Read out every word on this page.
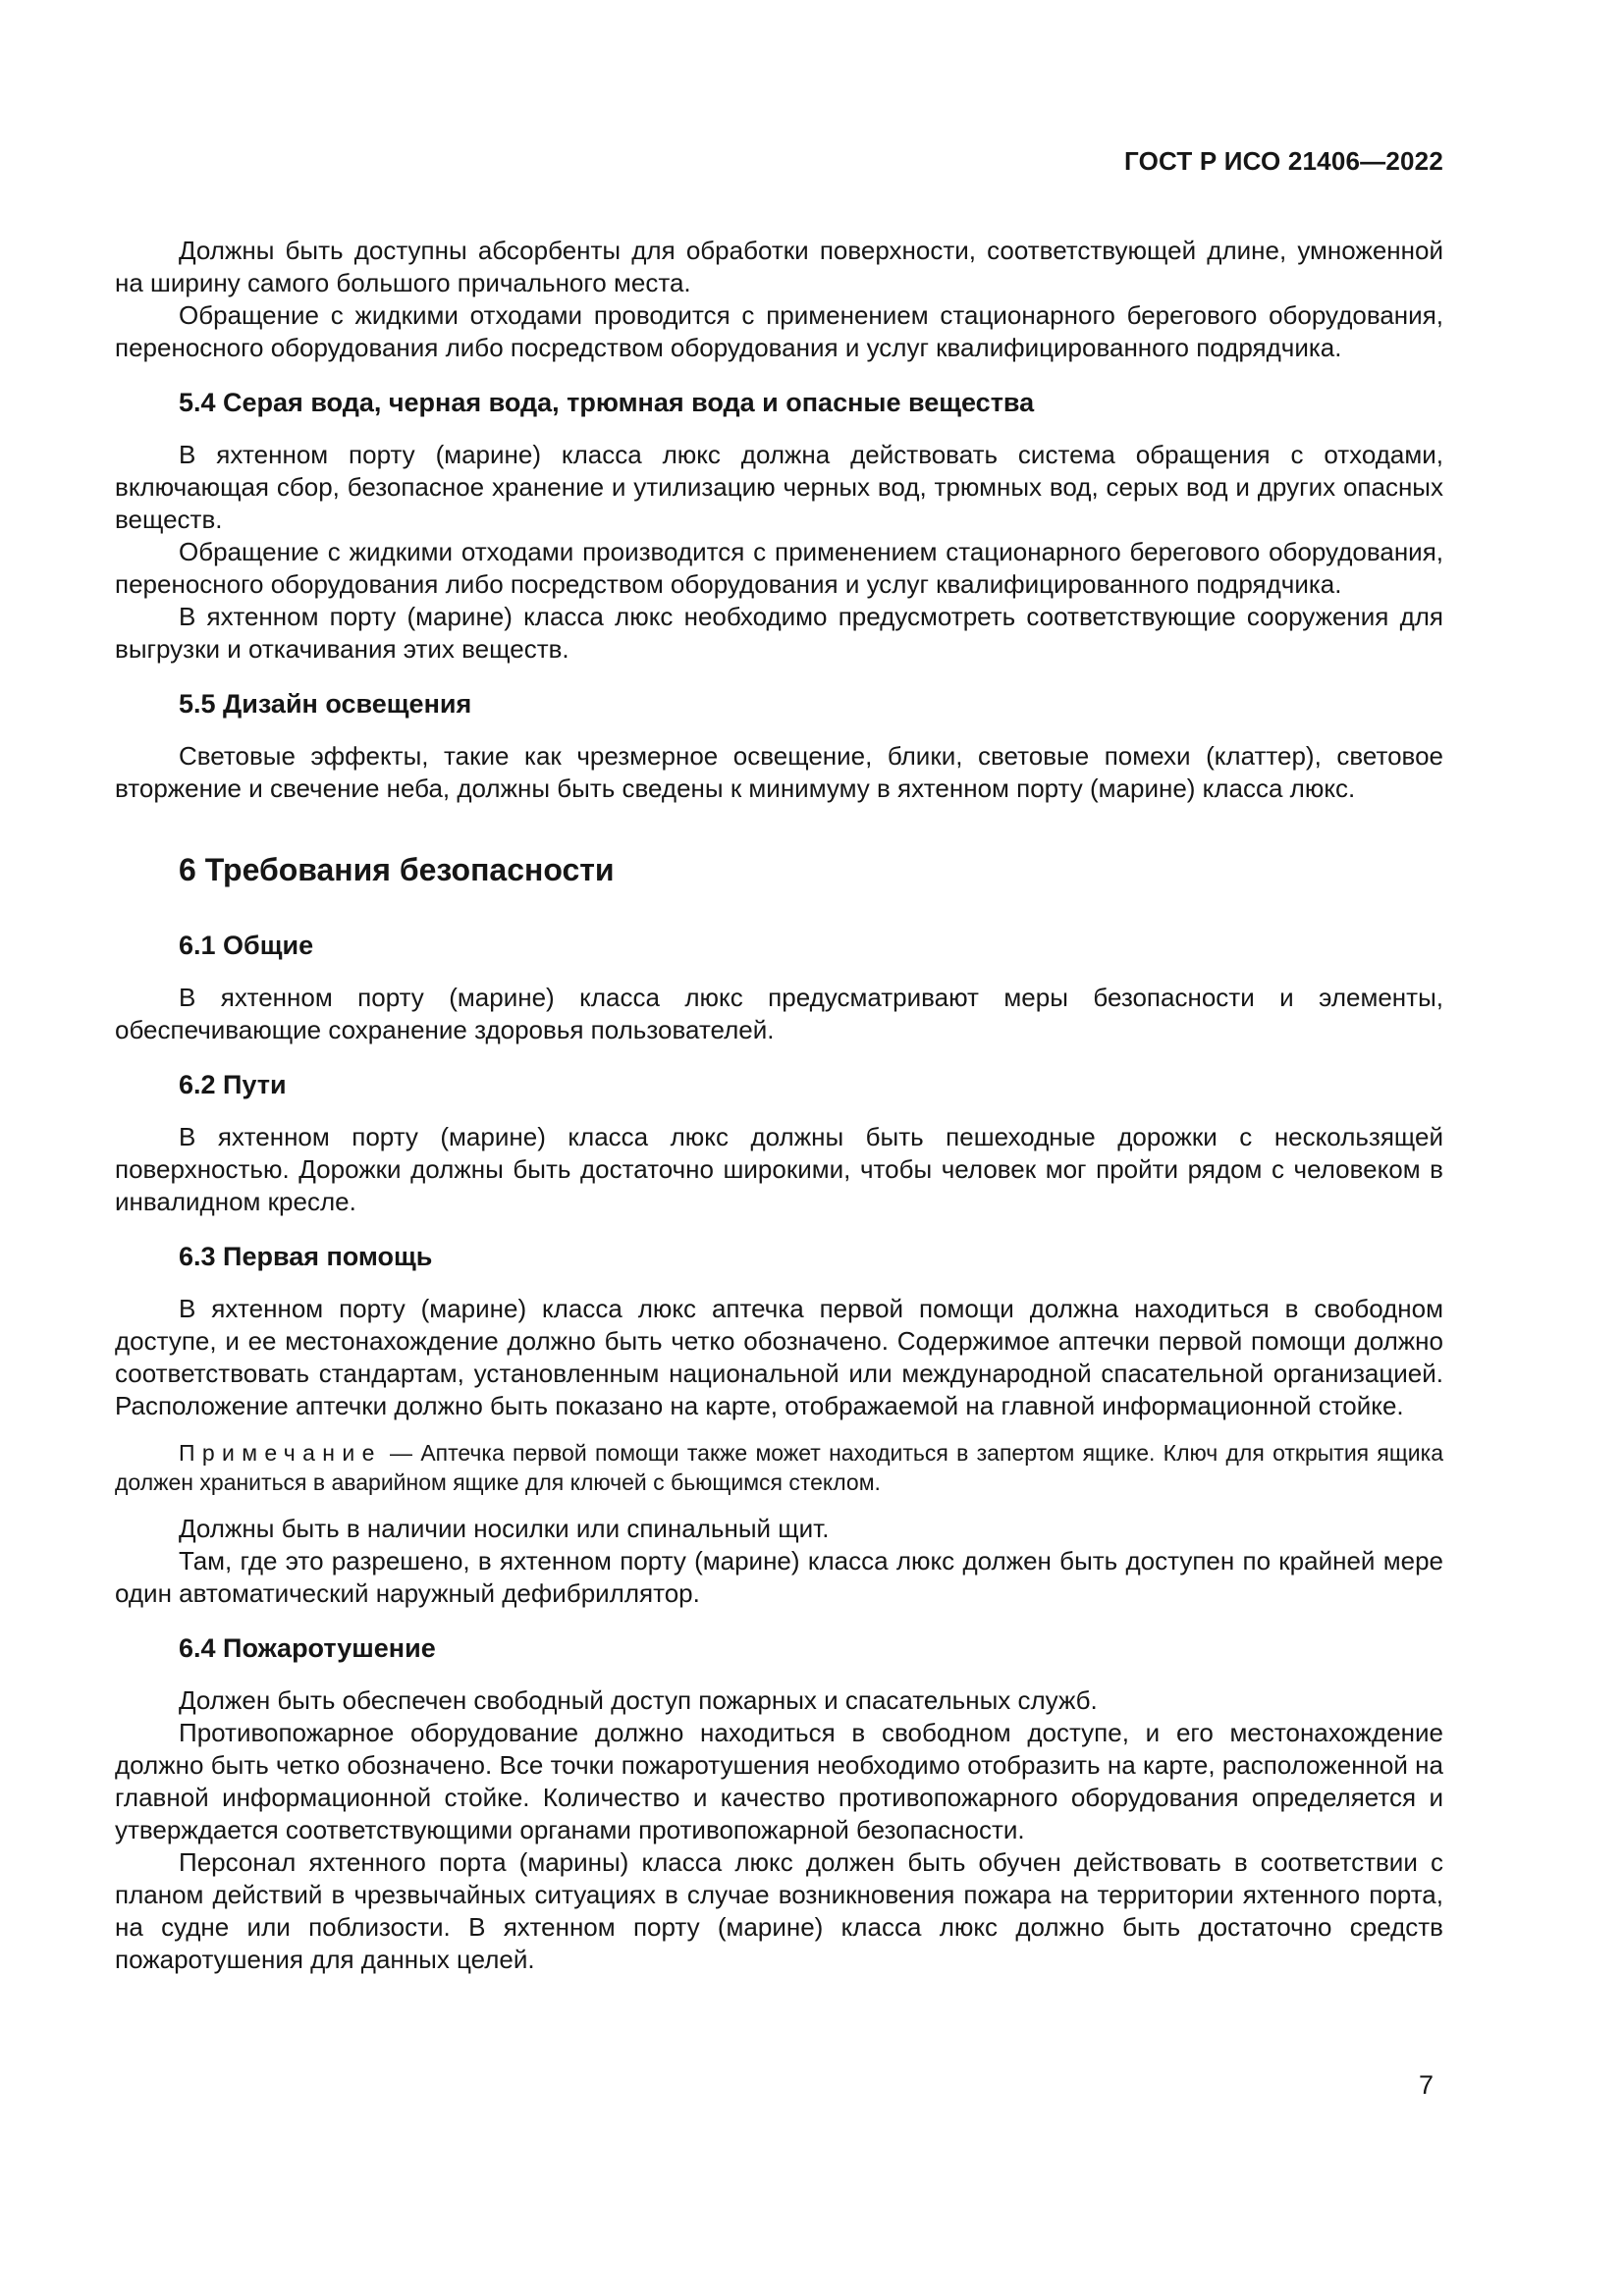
ГОСТ Р ИСО 21406—2022

Должны быть доступны абсорбенты для обработки поверхности, соответствующей длине, умноженной на ширину самого большого причального места.

Обращение с жидкими отходами проводится с применением стационарного берегового оборудования, переносного оборудования либо посредством оборудования и услуг квалифицированного подрядчика.

5.4 Серая вода, черная вода, трюмная вода и опасные вещества

В яхтенном порту (марине) класса люкс должна действовать система обращения с отходами, включающая сбор, безопасное хранение и утилизацию черных вод, трюмных вод, серых вод и других опасных веществ.

Обращение с жидкими отходами производится с применением стационарного берегового оборудования, переносного оборудования либо посредством оборудования и услуг квалифицированного подрядчика.

В яхтенном порту (марине) класса люкс необходимо предусмотреть соответствующие сооружения для выгрузки и откачивания этих веществ.

5.5 Дизайн освещения

Световые эффекты, такие как чрезмерное освещение, блики, световые помехи (клаттер), световое вторжение и свечение неба, должны быть сведены к минимуму в яхтенном порту (марине) класса люкс.

6 Требования безопасности
6.1 Общие

В яхтенном порту (марине) класса люкс предусматривают меры безопасности и элементы, обеспечивающие сохранение здоровья пользователей.

6.2 Пути

В яхтенном порту (марине) класса люкс должны быть пешеходные дорожки с нескользящей поверхностью. Дорожки должны быть достаточно широкими, чтобы человек мог пройти рядом с человеком в инвалидном кресле.

6.3 Первая помощь

В яхтенном порту (марине) класса люкс аптечка первой помощи должна находиться в свободном доступе, и ее местонахождение должно быть четко обозначено. Содержимое аптечки первой помощи должно соответствовать стандартам, установленным национальной или международной спасательной организацией. Расположение аптечки должно быть показано на карте, отображаемой на главной информационной стойке.

Примечание — Аптечка первой помощи также может находиться в запертом ящике. Ключ для открытия ящика должен храниться в аварийном ящике для ключей с бьющимся стеклом.

Должны быть в наличии носилки или спинальный щит.

Там, где это разрешено, в яхтенном порту (марине) класса люкс должен быть доступен по крайней мере один автоматический наружный дефибриллятор.

6.4 Пожаротушение

Должен быть обеспечен свободный доступ пожарных и спасательных служб.

Противопожарное оборудование должно находиться в свободном доступе, и его местонахождение должно быть четко обозначено. Все точки пожаротушения необходимо отобразить на карте, расположенной на главной информационной стойке. Количество и качество противопожарного оборудования определяется и утверждается соответствующими органами противопожарной безопасности.

Персонал яхтенного порта (марины) класса люкс должен быть обучен действовать в соответствии с планом действий в чрезвычайных ситуациях в случае возникновения пожара на территории яхтенного порта, на судне или поблизости. В яхтенном порту (марине) класса люкс должно быть достаточно средств пожаротушения для данных целей.

7
